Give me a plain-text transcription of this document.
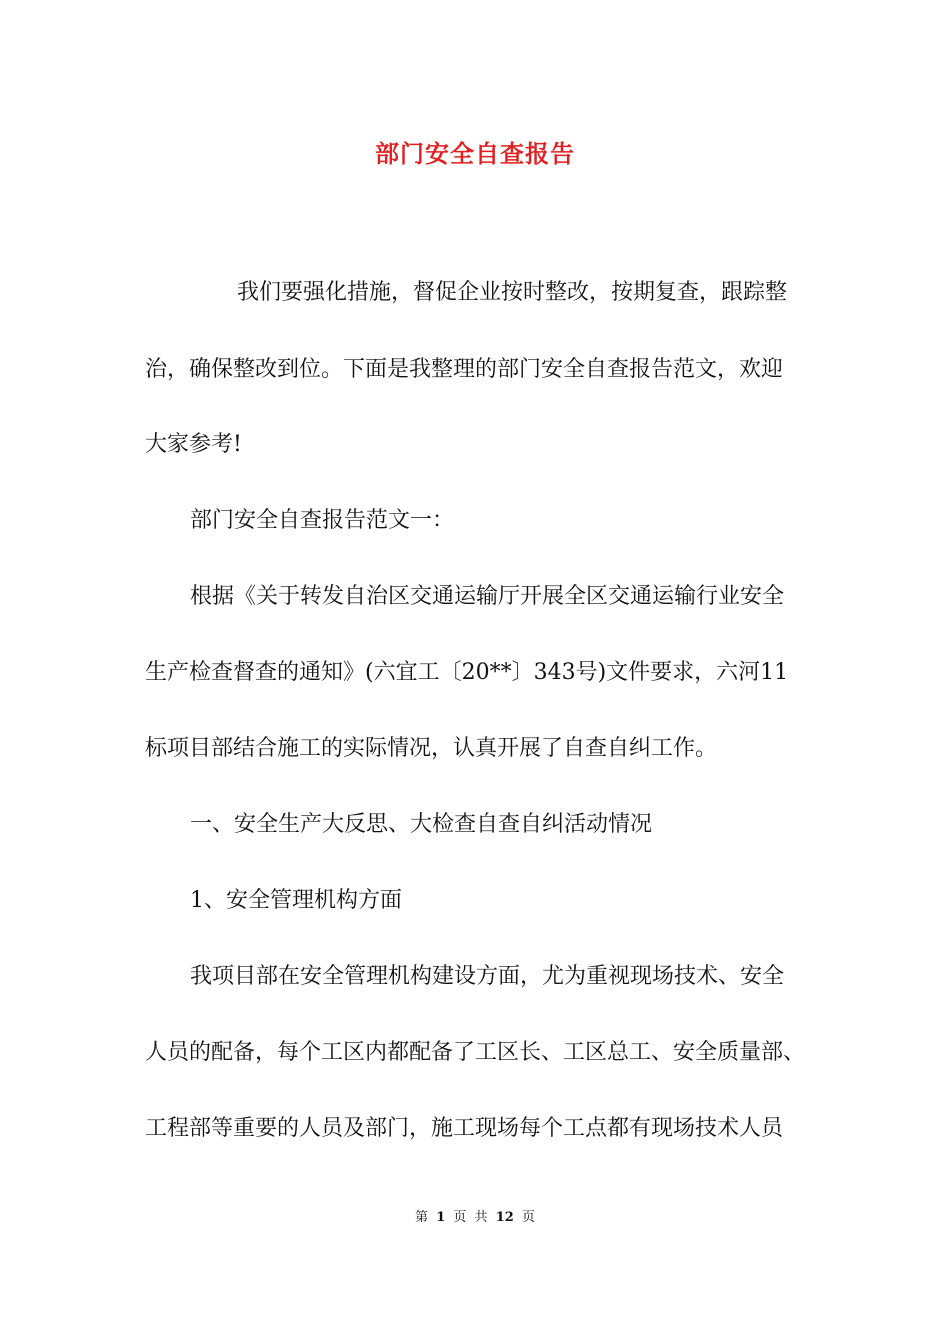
部门安全自查报告
我们要强化措施，督促企业按时整改，按期复查，跟踪整
治，确保整改到位。下面是我整理的部门安全自查报告范文，欢迎
大家参考!
部门安全自查报告范文一：
根据《关于转发自治区交通运输厅开展全区交通运输行业安全
生产检查督查的通知》(六宜工〔20**〕343号)文件要求，六河11
标项目部结合施工的实际情况，认真开展了自查自纠工作。
一、安全生产大反思、大检查自查自纠活动情况
1、安全管理机构方面
我项目部在安全管理机构建设方面，尤为重视现场技术、安全
人员的配备，每个工区内都配备了工区长、工区总工、安全质量部、
工程部等重要的人员及部门，施工现场每个工点都有现场技术人员
第 1 页 共 12 页
